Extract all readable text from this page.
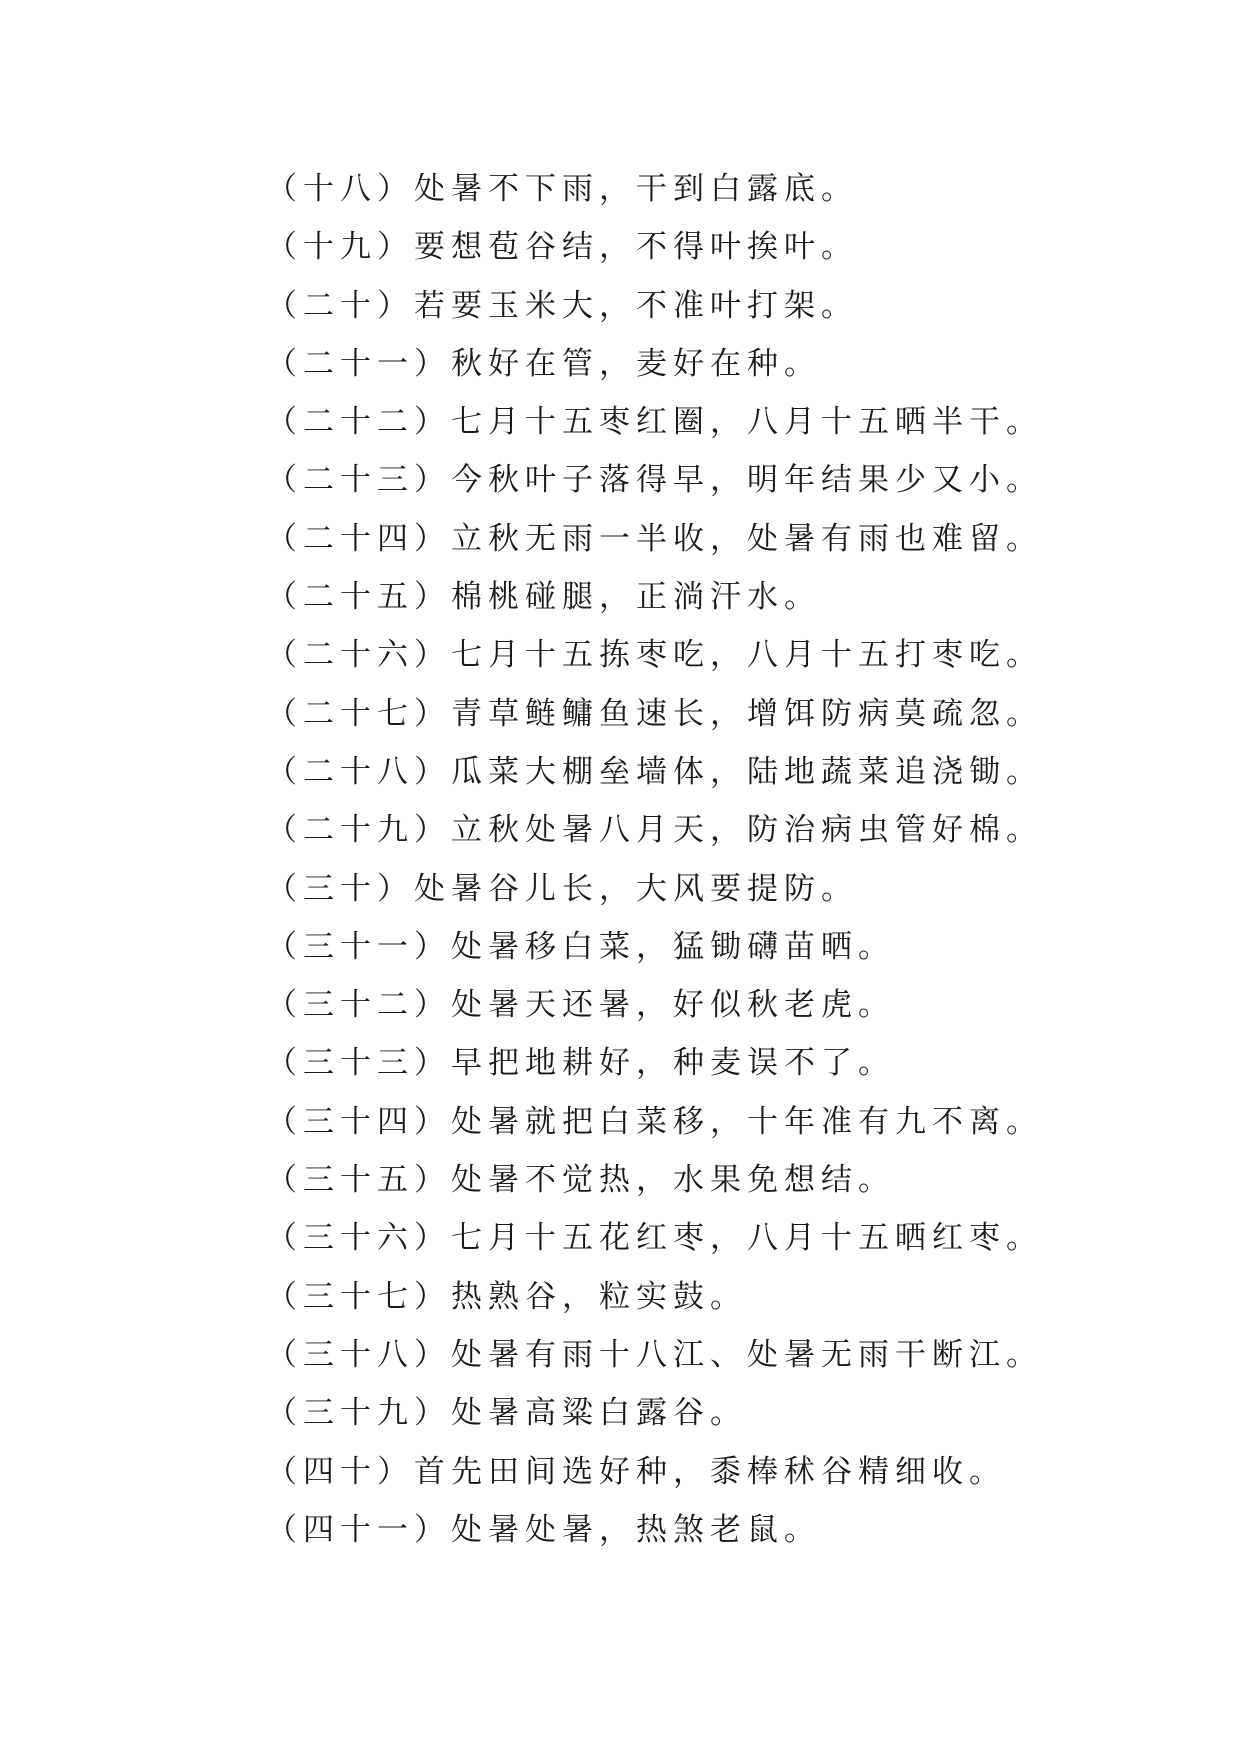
（十八）处暑不下雨，干到白露底。
（十九）要想苞谷结，不得叶挨叶。
（二十）若要玉米大，不准叶打架。
（二十一）秋好在管，麦好在种。
（二十二）七月十五枣红圈，八月十五晒半干。
（二十三）今秋叶子落得早，明年结果少又小。
（二十四）立秋无雨一半收，处暑有雨也难留。
（二十五）棉桃碰腿，正淌汗水。
（二十六）七月十五拣枣吃，八月十五打枣吃。
（二十七）青草鲢鳙鱼速长，增饵防病莫疏忽。
（二十八）瓜菜大棚垒墙体，陆地蔬菜追浇锄。
（二十九）立秋处暑八月天，防治病虫管好棉。
（三十）处暑谷儿长，大风要提防。
（三十一）处暑移白菜，猛锄礴苗晒。
（三十二）处暑天还暑，好似秋老虎。
（三十三）早把地耕好，种麦误不了。
（三十四）处暑就把白菜移，十年准有九不离。
（三十五）处暑不觉热，水果免想结。
（三十六）七月十五花红枣，八月十五晒红枣。
（三十七）热熟谷，粒实鼓。
（三十八）处暑有雨十八江、处暑无雨干断江。
（三十九）处暑高粱白露谷。
（四十）首先田间选好种，黍棒秫谷精细收。
（四十一）处暑处暑，热煞老鼠。
